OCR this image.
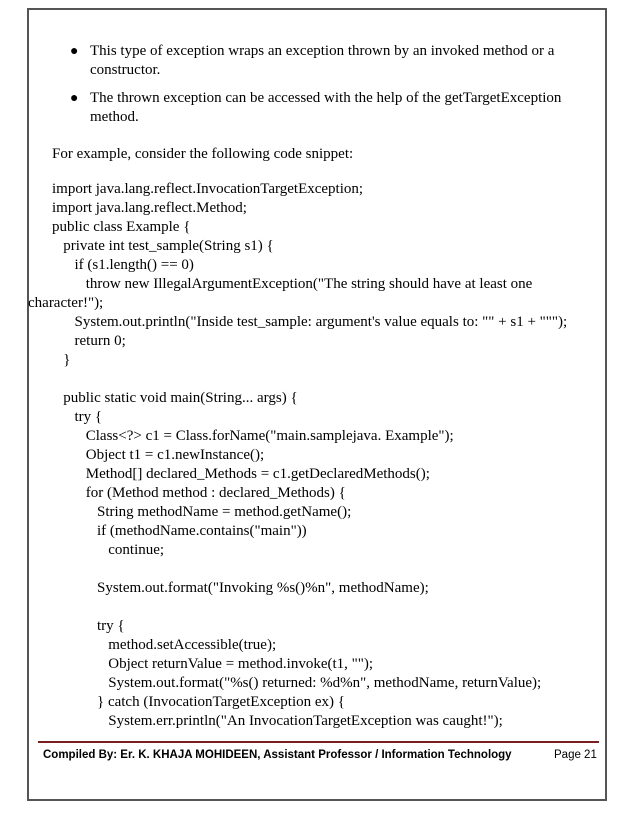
● This type of exception wraps an exception thrown by an invoked method or a constructor.
● The thrown exception can be accessed with the help of the getTargetException method.
For example, consider the following code snippet:
import java.lang.reflect.InvocationTargetException;
import java.lang.reflect.Method;
public class Example {
private int test_sample(String s1) {
if (s1.length() == 0)
throw new IllegalArgumentException("The string should have at least one
character!");
System.out.println("Inside test_sample: argument's value equals to: "" + s1 + """);
return 0;
}
public static void main(String... args) {
try {
Class<?> c1 = Class.forName("main.samplejava. Example");
Object t1 = c1.newInstance();
Method[] declared_Methods = c1.getDeclaredMethods();
for (Method method : declared_Methods) {
String methodName = method.getName();
if (methodName.contains("main"))
continue;
System.out.format("Invoking %s()%n", methodName);
try {
method.setAccessible(true);
Object returnValue = method.invoke(t1, "");
System.out.format("%s() returned: %d%n", methodName, returnValue);
} catch (InvocationTargetException ex) {
System.err.println("An InvocationTargetException was caught!");
Compiled By: Er. K. KHAJA MOHIDEEN, Assistant Professor / Information Technology	Page 21
